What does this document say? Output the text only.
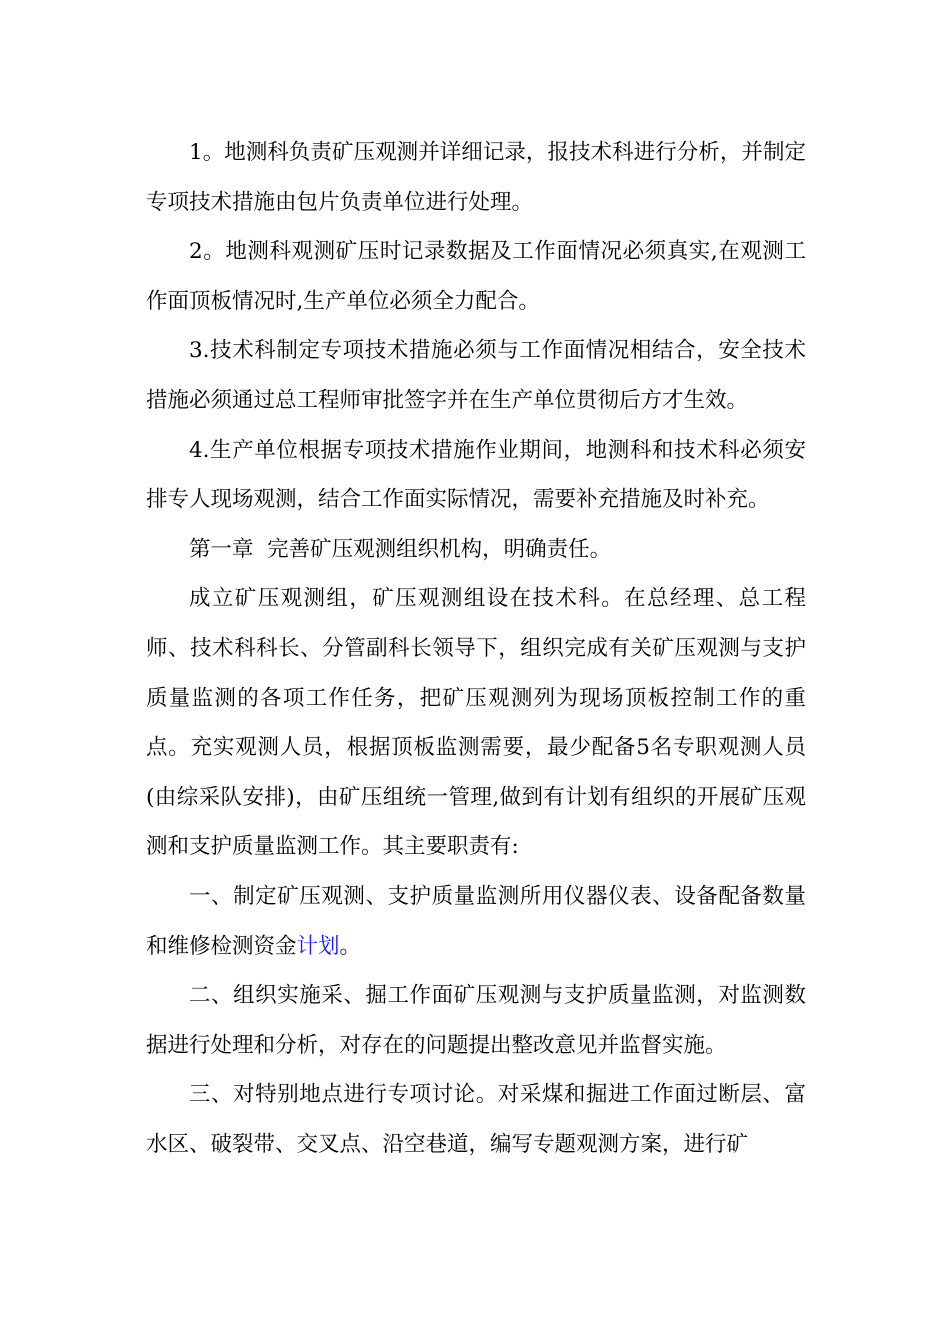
1。地测科负责矿压观测并详细记录，报技术科进行分析，并制定专项技术措施由包片负责单位进行处理。

2。地测科观测矿压时记录数据及工作面情况必须真实,在观测工作面顶板情况时,生产单位必须全力配合。

3.技术科制定专项技术措施必须与工作面情况相结合，安全技术措施必须通过总工程师审批签字并在生产单位贯彻后方才生效。

4.生产单位根据专项技术措施作业期间，地测科和技术科必须安排专人现场观测，结合工作面实际情况，需要补充措施及时补充。

第一章  完善矿压观测组织机构，明确责任。

成立矿压观测组，矿压观测组设在技术科。在总经理、总工程师、技术科科长、分管副科长领导下，组织完成有关矿压观测与支护质量监测的各项工作任务，把矿压观测列为现场顶板控制工作的重点。充实观测人员，根据顶板监测需要，最少配备5名专职观测人员(由综采队安排)，由矿压组统一管理,做到有计划有组织的开展矿压观测和支护质量监测工作。其主要职责有:

一、制定矿压观测、支护质量监测所用仪器仪表、设备配备数量和维修检测资金计划。

二、组织实施采、掘工作面矿压观测与支护质量监测，对监测数据进行处理和分析，对存在的问题提出整改意见并监督实施。

三、对特别地点进行专项讨论。对采煤和掘进工作面过断层、富水区、破裂带、交叉点、沿空巷道，编写专题观测方案，进行矿
